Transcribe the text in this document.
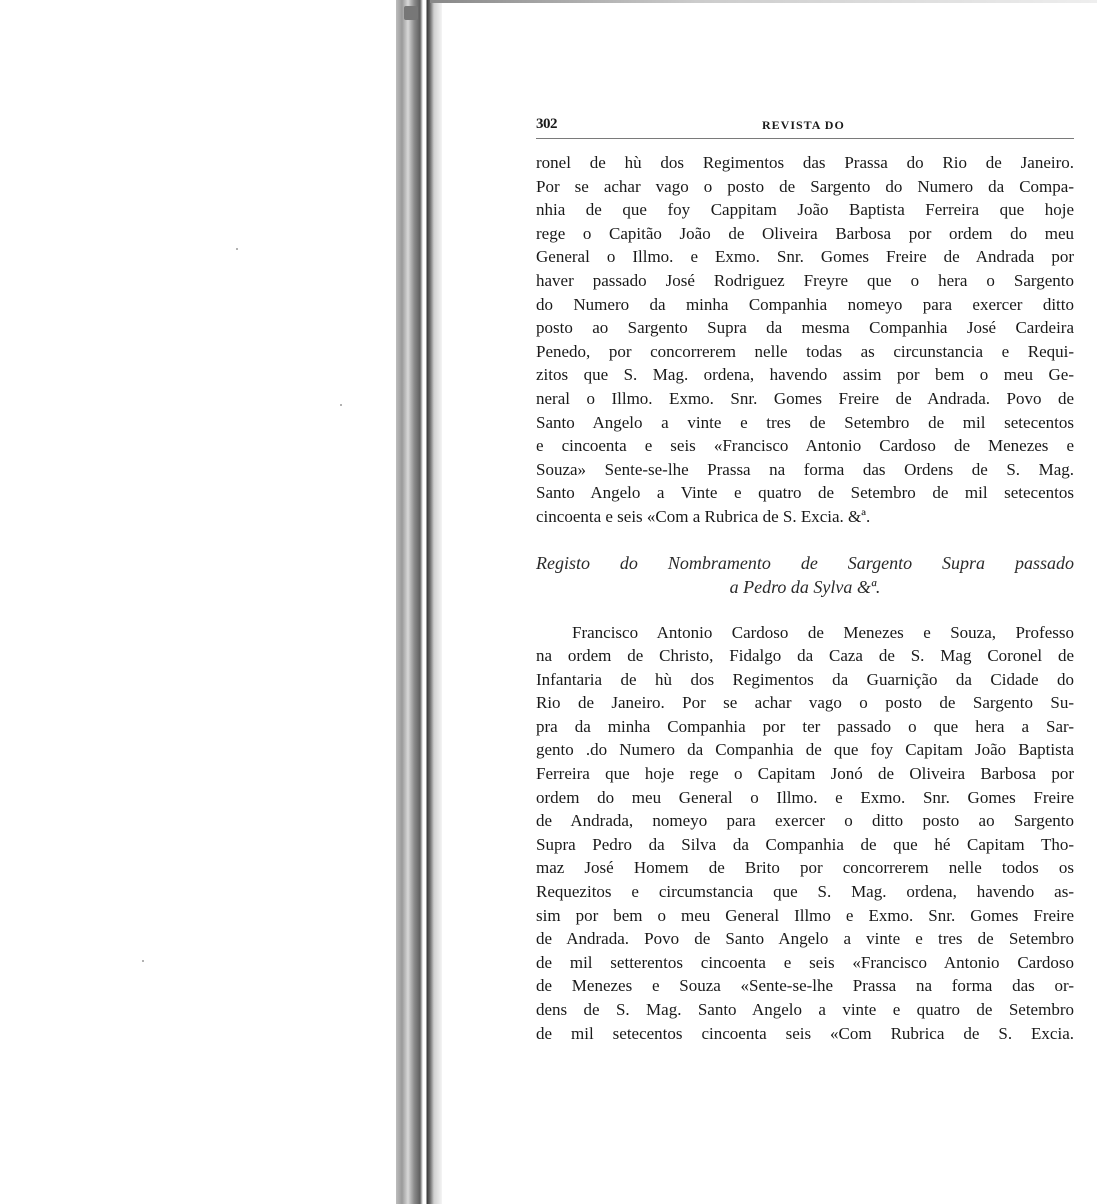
302	REVISTA DO
ronel de hù dos Regimentos das Prassa do Rio de Janeiro.
Por se achar vago o posto de Sargento do Numero da Compa-
nhia de que foy Cappitam João Baptista Ferreira que hoje
rege o Capitão João de Oliveira Barbosa por ordem do meu
General o Illmo. e Exmo. Snr. Gomes Freire de Andrada por
haver passado José Rodriguez Freyre que o hera o Sargento
do Numero da minha Companhia nomeyo para exercer ditto
posto ao Sargento Supra da mesma Companhia José Cardeira
Penedo, por concorrerem nelle todas as circunstancia e Requi-
zitos que S. Mag. ordena, havendo assim por bem o meu Ge-
neral o Illmo. Exmo. Snr. Gomes Freire de Andrada. Povo de
Santo Angelo a vinte e tres de Setembro de mil setecentos
e cincoenta e seis «Francisco Antonio Cardoso de Menezes e
Souza» Sente-se-lhe Prassa na forma das Ordens de S. Mag.
Santo Angelo a Vinte e quatro de Setembro de mil setecentos
cincoenta e seis «Com a Rubrica de S. Excia. &ª.
Registo do Nombramento de Sargento Supra passado
a Pedro da Sylva &ª.
Francisco Antonio Cardoso de Menezes e Souza, Professo
na ordem de Christo, Fidalgo da Caza de S. Mag Coronel de
Infantaria de hù dos Regimentos da Guarnição da Cidade do
Rio de Janeiro. Por se achar vago o posto de Sargento Su-
pra da minha Companhia por ter passado o que hera a Sar-
gento .do Numero da Companhia de que foy Capitam João Baptista
Ferreira que hoje rege o Capitam Jonó de Oliveira Barbosa por
ordem do meu General o Illmo. e Exmo. Snr. Gomes Freire
de Andrada, nomeyo para exercer o ditto posto ao Sargento
Supra Pedro da Silva da Companhia de que hé Capitam Tho-
maz José Homem de Brito por concorrerem nelle todos os
Requezitos e circumstancia que S. Mag. ordena, havendo as-
sim por bem o meu General Illmo e Exmo. Snr. Gomes Freire
de Andrada. Povo de Santo Angelo a vinte e tres de Setembro
de mil setterentos cincoenta e seis «Francisco Antonio Cardoso
de Menezes e Souza «Sente-se-lhe Prassa na forma das or-
dens de S. Mag. Santo Angelo a vinte e quatro de Setembro
de mil setecentos cincoenta seis «Com Rubrica de S. Excia.
